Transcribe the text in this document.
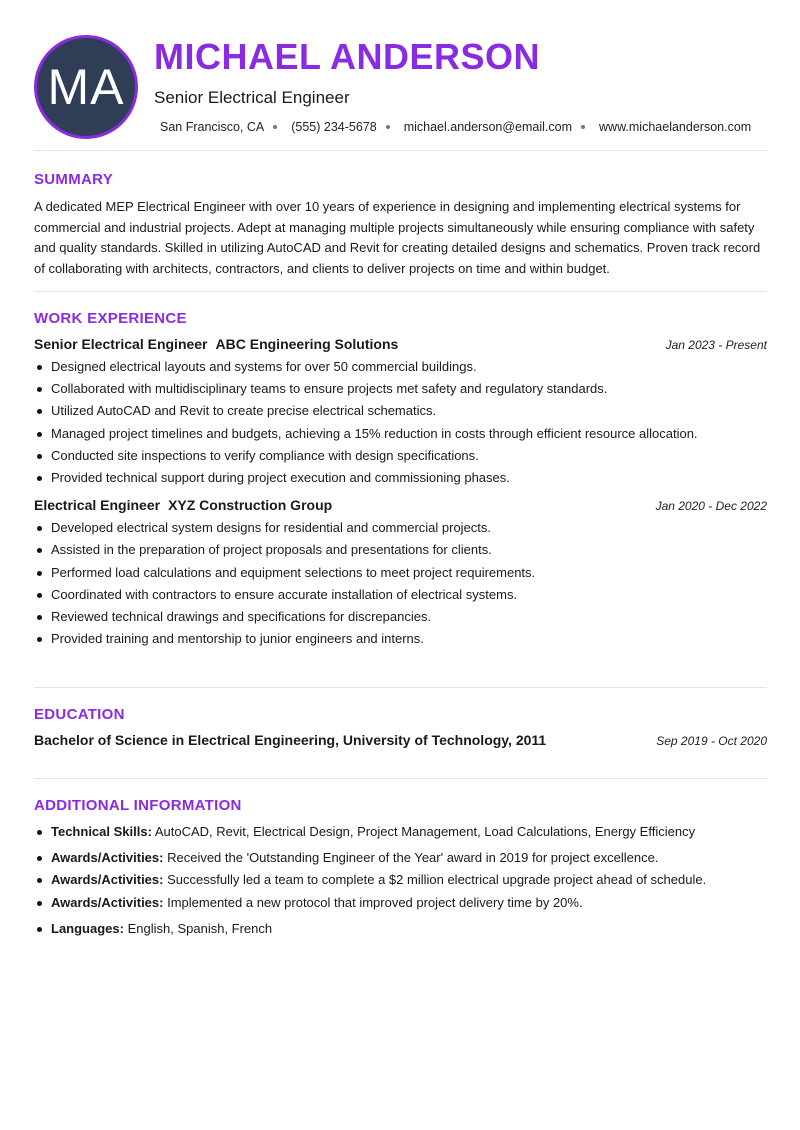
MA
MICHAEL ANDERSON
Senior Electrical Engineer
San Francisco, CA (555) 234-5678 michael.anderson@email.com www.michaelanderson.com
SUMMARY

A dedicated MEP Electrical Engineer with over 10 years of experience in designing and implementing electrical systems for commercial and industrial projects. Adept at managing multiple projects simultaneously while ensuring compliance with safety and quality standards. Skilled in utilizing AutoCAD and Revit for creating detailed designs and schematics. Proven track record of collaborating with architects, contractors, and clients to deliver projects on time and within budget.

WORK EXPERIENCE
Senior Electrical Engineer ABC Engineering Solutions	Jan 2023 - Present
Designed electrical layouts and systems for over 50 commercial buildings.
Collaborated with multidisciplinary teams to ensure projects met safety and regulatory standards.
Utilized AutoCAD and Revit to create precise electrical schematics.
Managed project timelines and budgets, achieving a 15% reduction in costs through efficient resource allocation.
Conducted site inspections to verify compliance with design specifications.
Provided technical support during project execution and commissioning phases.
Electrical Engineer XYZ Construction Group	Jan 2020 - Dec 2022
Developed electrical system designs for residential and commercial projects.
Assisted in the preparation of project proposals and presentations for clients.
Performed load calculations and equipment selections to meet project requirements.
Coordinated with contractors to ensure accurate installation of electrical systems.
Reviewed technical drawings and specifications for discrepancies.
Provided training and mentorship to junior engineers and interns.
EDUCATION
Bachelor of Science in Electrical Engineering, University of Technology, 2011	Sep 2019 - Oct 2020
ADDITIONAL INFORMATION
Technical Skills: AutoCAD, Revit, Electrical Design, Project Management, Load Calculations, Energy Efficiency
Awards/Activities: Received the 'Outstanding Engineer of the Year' award in 2019 for project excellence.
Awards/Activities: Successfully led a team to complete a $2 million electrical upgrade project ahead of schedule.
Awards/Activities: Implemented a new protocol that improved project delivery time by 20%.
Languages: English, Spanish, French
